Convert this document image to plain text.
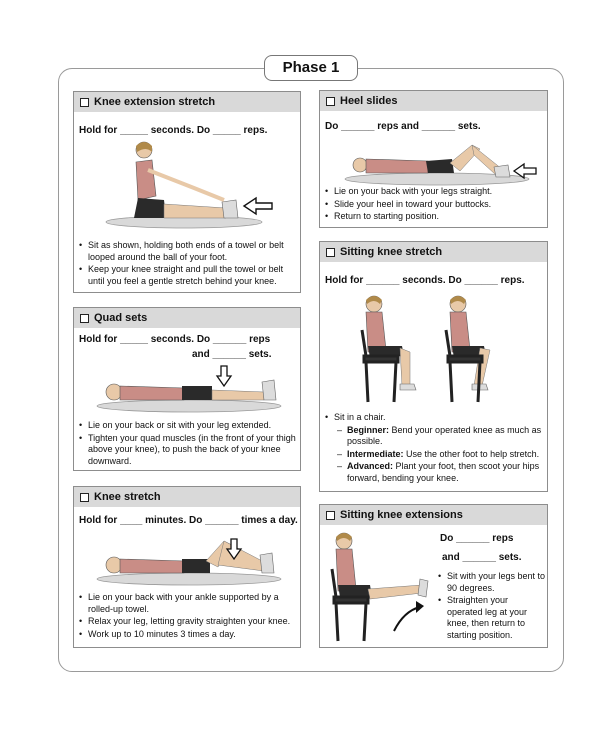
Phase 1
Knee extension stretch
Hold for _____ seconds. Do _____ reps.
• Sit as shown, holding both ends of a towel or belt looped around the ball of your foot.
• Keep your knee straight and pull the towel or belt until you feel a gentle stretch behind your knee.
Quad sets
Hold for _____ seconds. Do ______ reps
and ______ sets.
• Lie on your back or sit with your leg extended.
• Tighten your quad muscles (in the front of your thigh above your knee), to push the back of your knee downward.
Knee stretch
Hold for ____ minutes. Do ______ times a day.
• Lie on your back with your ankle supported by a rolled-up towel.
• Relax your leg, letting gravity straighten your knee.
• Work up to 10 minutes 3 times a day.
Heel slides
Do ______ reps and ______ sets.
• Lie on your back with your legs straight.
• Slide your heel in toward your buttocks.
• Return to starting position.
Sitting knee stretch
Hold for ______ seconds. Do ______ reps.
• Sit in a chair.
– Beginner: Bend your operated knee as much as possible.
– Intermediate: Use the other foot to help stretch.
– Advanced: Plant your foot, then scoot your hips forward, bending your knee.
Sitting knee extensions
Do ______ reps
and ______ sets.
• Sit with your legs bent to 90 degrees.
• Straighten your operated leg at your knee, then return to starting position.
